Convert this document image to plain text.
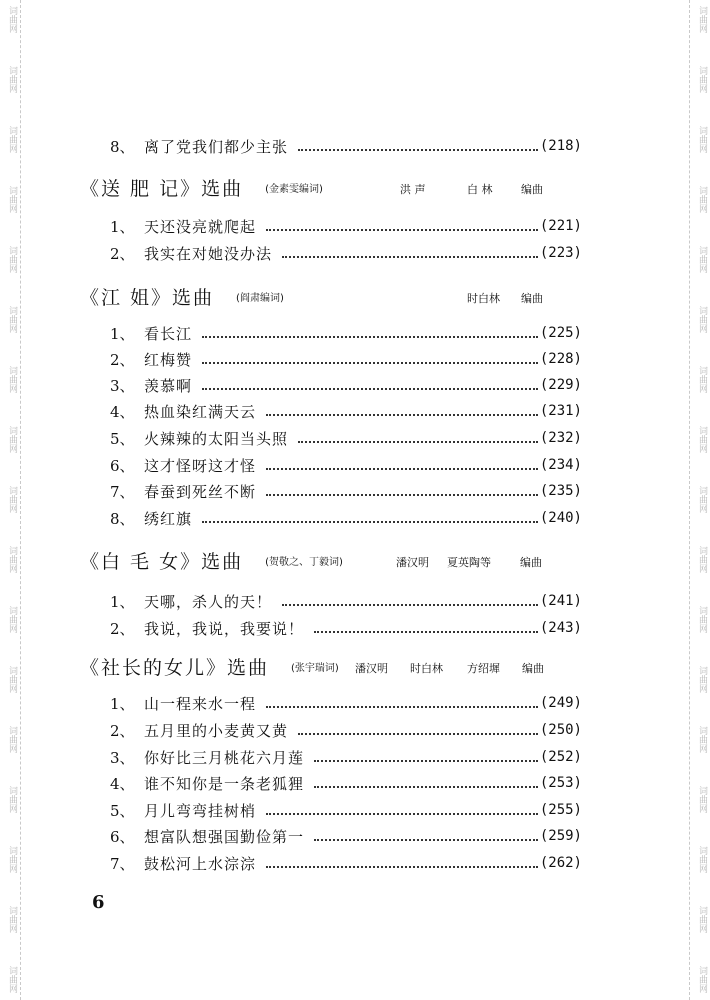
词曲网
词曲网
词曲网
词曲网
词曲网
词曲网
词曲网
词曲网
词曲网
词曲网
词曲网
词曲网
词曲网
词曲网
词曲网
词曲网
词曲网
词曲网
词曲网
词曲网
词曲网
词曲网
词曲网
词曲网
词曲网
词曲网
词曲网
词曲网
词曲网
词曲网
词曲网
词曲网
词曲网
词曲网
8、 离了党我们都少主张	(218)
《送 肥 记》选曲 (金素雯编词)	洪 声	白 林	编曲
1、 天还没亮就爬起	(221)
2、 我实在对她没办法	(223)
《江 姐》选曲 (阎肃编词)	时白林 编曲
1、 看长江	(225)
2、 红梅赞	(228)
3、 羡慕啊	(229)
4、 热血染红满天云	(231)
5、 火辣辣的太阳当头照	(232)
6、 这才怪呀这才怪	(234)
7、 春蚕到死丝不断	(235)
8、 绣红旗	(240)
《白 毛 女》选曲 (贺敬之、丁毅词)	潘汉明 夏英陶等	编曲
1、 天哪，杀人的天！	(241)
2、 我说，我说，我要说！	(243)
《社长的女儿》选曲 (张宇瑞词) 潘汉明 时白林 方绍墀 编曲
1、 山一程来水一程	(249)
2、 五月里的小麦黄又黄	(250)
3、 你好比三月桃花六月莲	(252)
4、 谁不知你是一条老狐狸	(253)
5、 月儿弯弯挂树梢	(255)
6、 想富队想强国勤俭第一	(259)
7、 鼓松河上水淙淙	(262)
6
